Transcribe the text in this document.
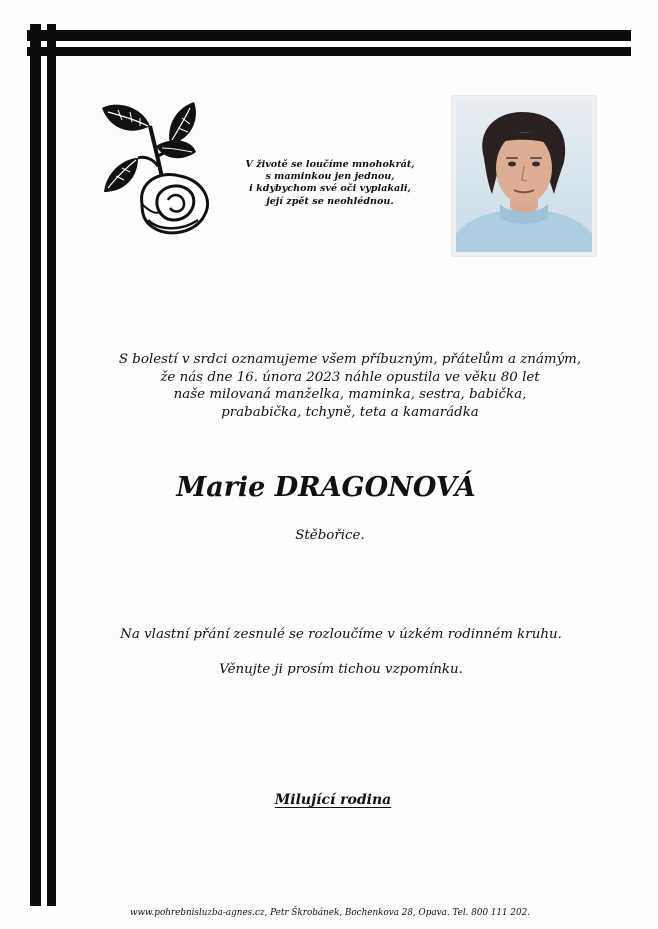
V životě se loučíme mnohokrát,
s maminkou jen jednou,
i kdybychom své oči vyplakali,
její zpět se neohlédnou.
S bolestí v srdci oznamujeme všem příbuzným, přátelům a známým,
že nás dne 16. února 2023 náhle opustila ve věku 80 let
naše milovaná manželka, maminka, sestra, babička,
prababička, tchyně, teta a kamarádka
Marie DRAGONOVÁ
Stěbořice.
Na vlastní přání zesnulé se rozloučíme v úzkém rodinném kruhu.
Věnujte ji prosím tichou vzpomínku.
Milující rodina
www.pohrebnisluzba-agnes.cz, Petr Škrobánek, Bochenkova 28, Opava. Tel. 800 111 202.
